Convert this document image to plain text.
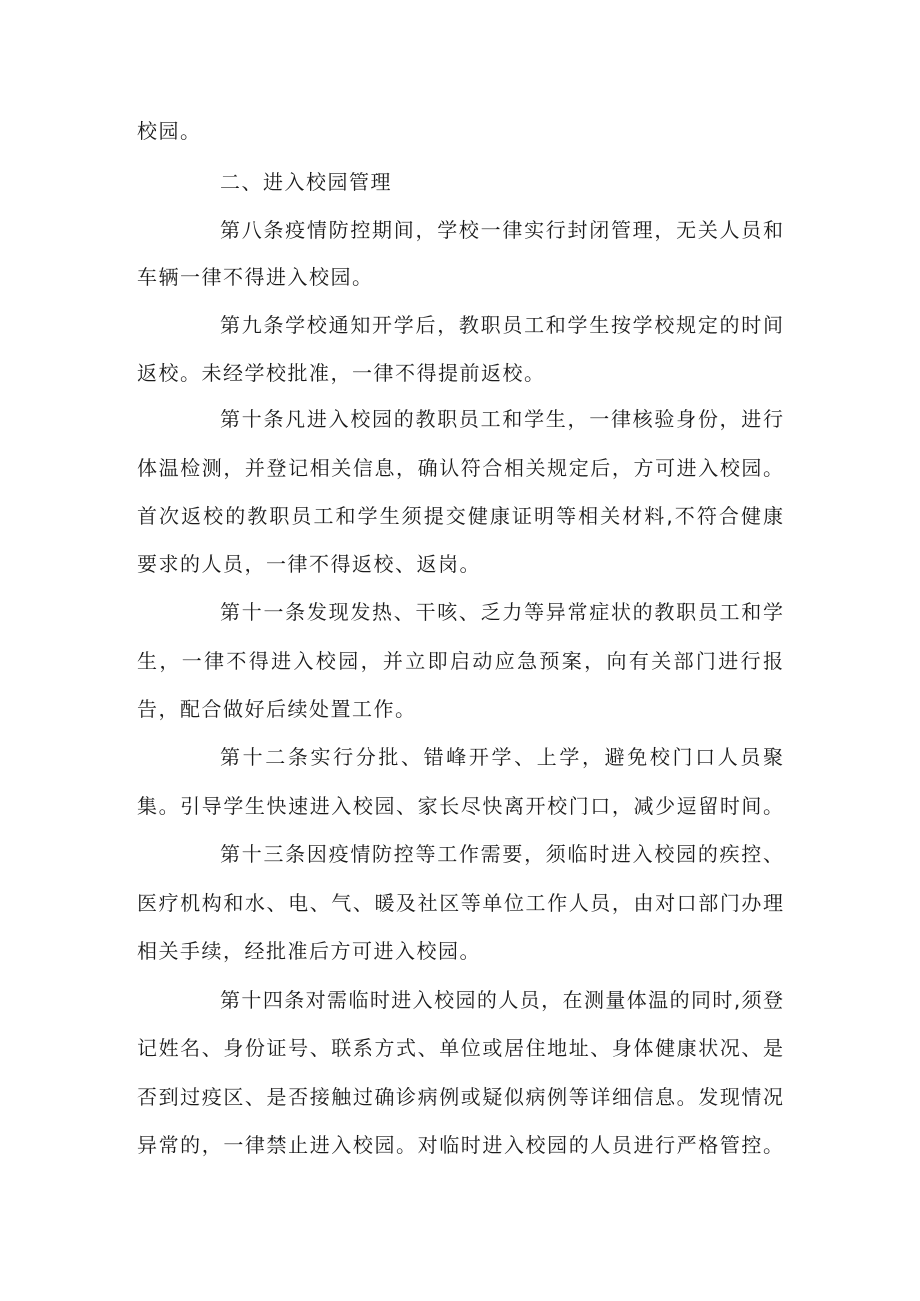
校园。
二、进入校园管理
第八条疫情防控期间，学校一律实行封闭管理，无关人员和
车辆一律不得进入校园。
第九条学校通知开学后，教职员工和学生按学校规定的时间
返校。未经学校批准，一律不得提前返校。
第十条凡进入校园的教职员工和学生，一律核验身份，进行
体温检测，并登记相关信息，确认符合相关规定后，方可进入校园。
首次返校的教职员工和学生须提交健康证明等相关材料,不符合健康
要求的人员，一律不得返校、返岗。
第十一条发现发热、干咳、乏力等异常症状的教职员工和学
生，一律不得进入校园，并立即启动应急预案，向有关部门进行报
告，配合做好后续处置工作。
第十二条实行分批、错峰开学、上学，避免校门口人员聚
集。引导学生快速进入校园、家长尽快离开校门口，减少逗留时间。
第十三条因疫情防控等工作需要，须临时进入校园的疾控、
医疗机构和水、电、气、暖及社区等单位工作人员，由对口部门办理
相关手续，经批准后方可进入校园。
第十四条对需临时进入校园的人员，在测量体温的同时,须登
记姓名、身份证号、联系方式、单位或居住地址、身体健康状况、是
否到过疫区、是否接触过确诊病例或疑似病例等详细信息。发现情况
异常的，一律禁止进入校园。对临时进入校园的人员进行严格管控。
